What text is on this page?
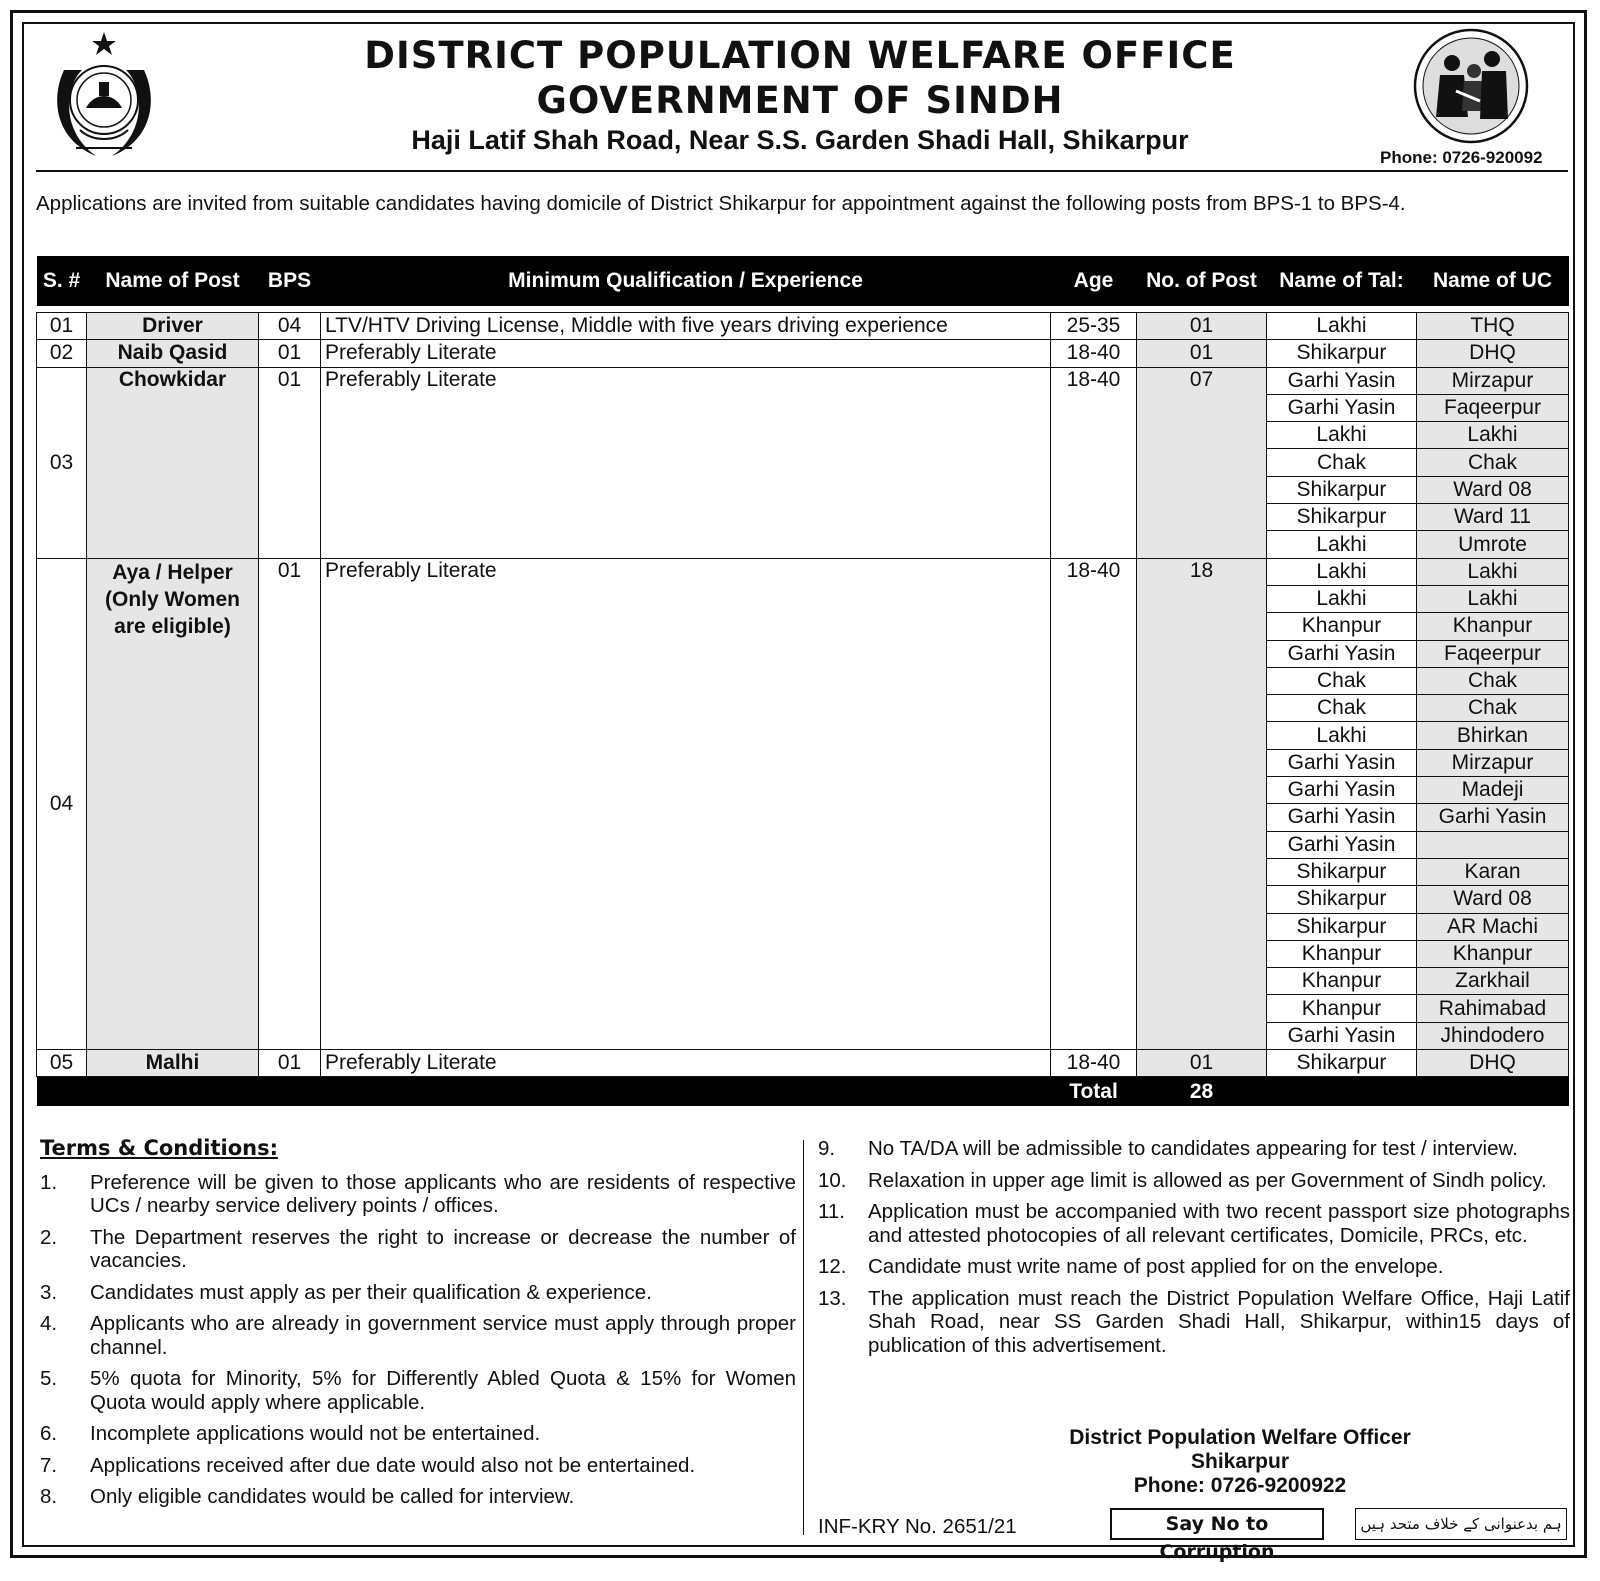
DISTRICT POPULATION WELFARE OFFICE
GOVERNMENT OF SINDH
Haji Latif Shah Road, Near S.S. Garden Shadi Hall, Shikarpur
Phone: 0726-920092
Applications are invited from suitable candidates having domicile of District Shikarpur for appointment against the following posts from BPS-1 to BPS-4.
S. #	Name of Post	BPS	Minimum Qualification / Experience	Age	No. of Post	Name of Tal:	Name of UC

01	Driver	04	LTV/HTV Driving License, Middle with five years driving experience	25-35	01	Lakhi	THQ
02	Naib Qasid	01	Preferably Literate	18-40	01	Shikarpur	DHQ
03	Chowkidar	01	Preferably Literate	18-40	07	Garhi Yasin	Mirzapur
						Garhi Yasin	Faqeerpur
						Lakhi	Lakhi
						Chak	Chak
						Shikarpur	Ward 08
						Shikarpur	Ward 11
						Lakhi	Umrote
04	Aya / Helper (Only Women are eligible)	01	Preferably Literate	18-40	18	Lakhi	Lakhi
						Lakhi	Lakhi
						Khanpur	Khanpur
						Garhi Yasin	Faqeerpur
						Chak	Chak
						Chak	Chak
						Lakhi	Bhirkan
						Garhi Yasin	Mirzapur
						Garhi Yasin	Madeji
						Garhi Yasin	Garhi Yasin
						Garhi Yasin	
						Shikarpur	Karan
						Shikarpur	Ward 08
						Shikarpur	AR Machi
						Khanpur	Khanpur
						Khanpur	Zarkhail
						Khanpur	Rahimabad
						Garhi Yasin	Jhindodero
05	Malhi	01	Preferably Literate	18-40	01	Shikarpur	DHQ
				Total	28		
Terms & Conditions:
1.	Preference will be given to those applicants who are residents of respective UCs / nearby service delivery points / offices.
2.	The Department reserves the right to increase or decrease the number of vacancies.
3.	Candidates must apply as per their qualification & experience.
4.	Applicants who are already in government service must apply through proper channel.
5.	5% quota for Minority, 5% for Differently Abled Quota & 15% for Women Quota would apply where applicable.
6.	Incomplete applications would not be entertained.
7.	Applications received after due date would also not be entertained.
8.	Only eligible candidates would be called for interview.
9.	No TA/DA will be admissible to candidates appearing for test / interview.
10.	Relaxation in upper age limit is allowed as per Government of Sindh policy.
11.	Application must be accompanied with two recent passport size photographs and attested photocopies of all relevant certificates, Domicile, PRCs, etc.
12.	Candidate must write name of post applied for on the envelope.
13.	The application must reach the District Population Welfare Office, Haji Latif Shah Road, near SS Garden Shadi Hall, Shikarpur, within15 days of publication of this advertisement.
District Population Welfare Officer
Shikarpur
Phone: 0726-9200922
INF-KRY No. 2651/21	Say No to Corruption
ہم بدعنوانی کے خلاف متحد ہیں
